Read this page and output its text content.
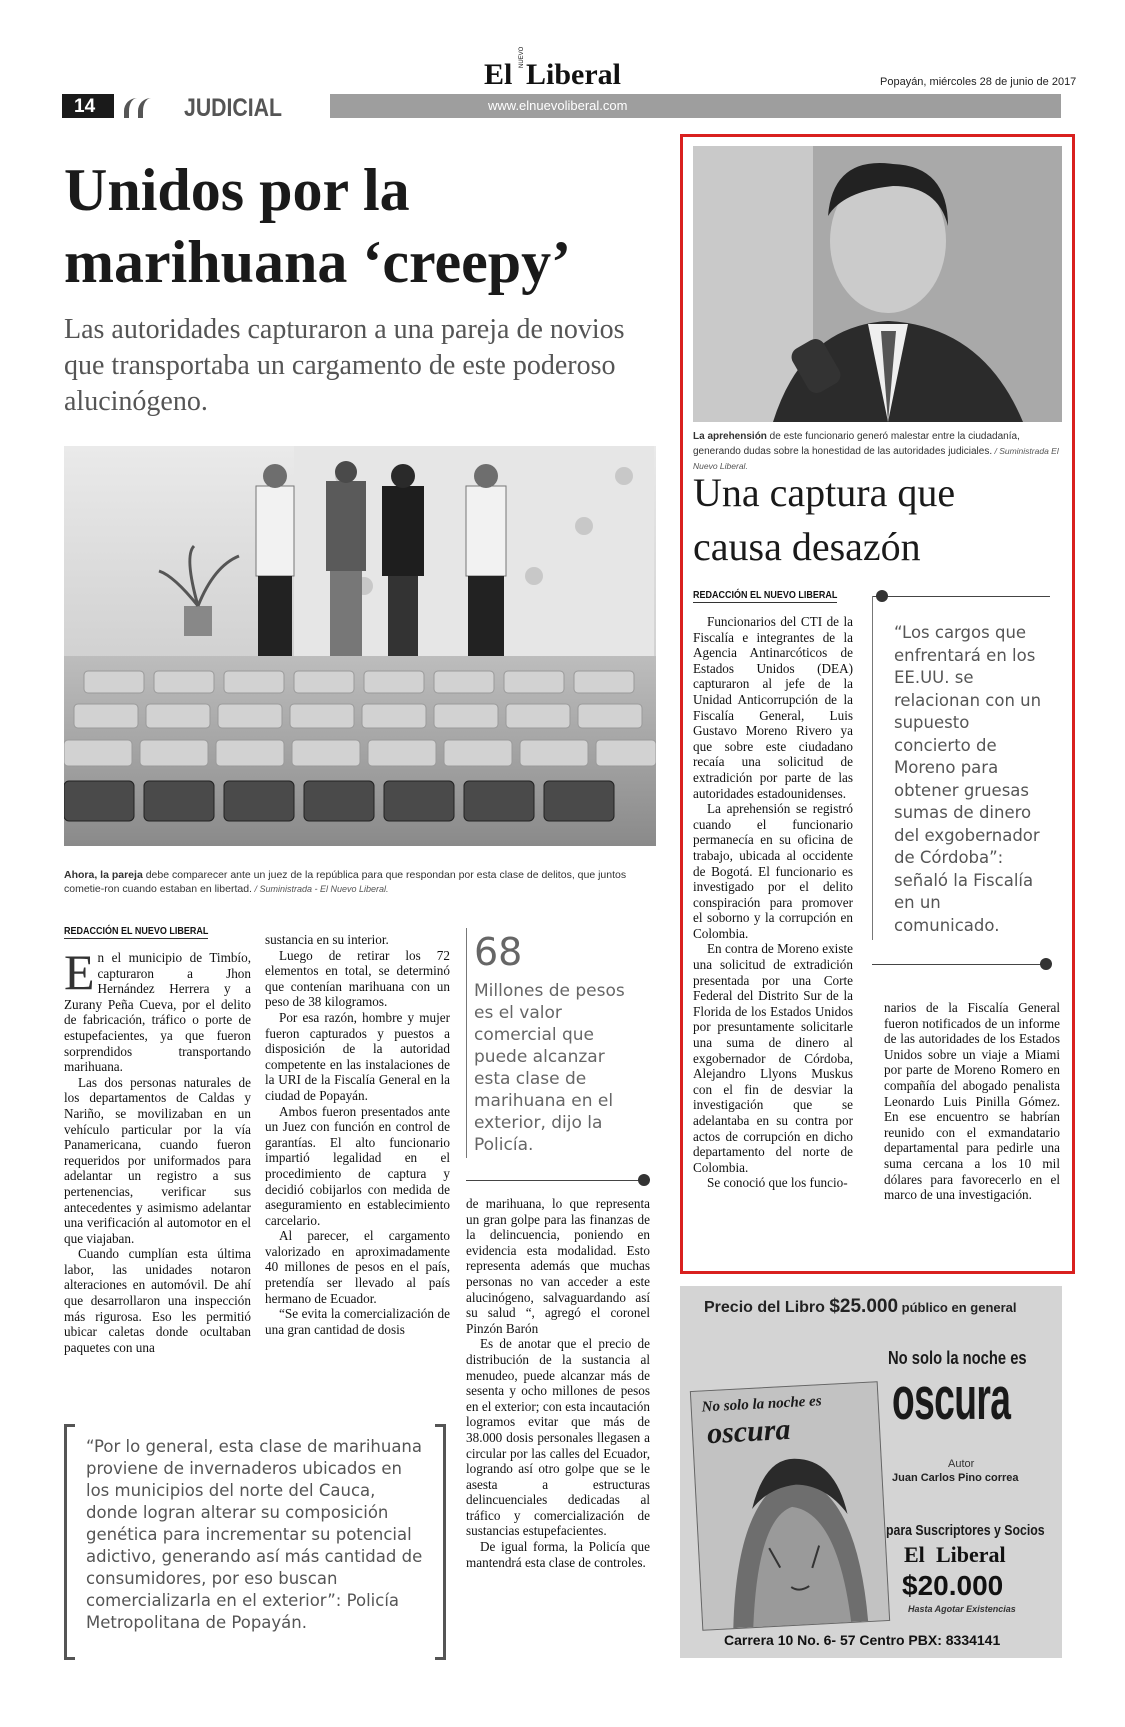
El
NUEVO
Liberal	Popayán, miércoles 28 de junio de 2017
14	JUDICIAL	www.elnuevoliberal.com
Unidos por la
marihuana ‘creepy’
Las autoridades capturaron a una pareja de novios que transportaba un cargamento de este poderoso alucinógeno.
Ahora, la pareja debe comparecer ante un juez de la república para que respondan por esta clase de delitos, que juntos cometie-ron cuando estaban en libertad. / Suministrada - El Nuevo Liberal.
REDACCIÓN EL NUEVO LIBERAL
E n el municipio de Timbío, capturaron a Jhon Hernández Herrera y a Zurany Peña Cueva, por el delito de fabricación, tráfico o porte de estupefacientes, ya que fueron sorprendidos transportando marihuana.

Las dos personas naturales de los departamentos de Caldas y Nariño, se movilizaban en un vehículo particular por la vía Panamericana, cuando fueron requeridos por uniformados para adelantar un registro a sus pertenencias, verificar sus antecedentes y asimismo adelantar una verificación al automotor en el que viajaban.

Cuando cumplían esta última labor, las unidades notaron alteraciones en automóvil. De ahí que desarrollaron una inspección más rigurosa. Eso les permitió ubicar caletas donde ocultaban paquetes con una

sustancia en su interior.

Luego de retirar los 72 elementos en total, se determinó que contenían marihuana con un peso de 38 kilogramos.

Por esa razón, hombre y mujer fueron capturados y puestos a disposición de la autoridad competente en las instalaciones de la URI de la Fiscalía General en la ciudad de Popayán.

Ambos fueron presentados ante un Juez con función en control de garantías. El alto funcionario impartió legalidad en el procedimiento de captura y decidió cobijarlos con medida de aseguramiento en establecimiento carcelario.

Al parecer, el cargamento valorizado en aproximadamente 40 millones de pesos en el país, pretendía ser llevado al país hermano de Ecuador.

“Se evita la comercialización de una gran cantidad de dosis

68
Millones de pesos es el valor comercial que puede alcanzar esta clase de marihuana en el exterior, dijo la Policía.

de marihuana, lo que representa un gran golpe para las finanzas de la delincuencia, poniendo en evidencia esta modalidad. Esto representa además que muchas personas no van acceder a este alucinógeno, salvaguardando así su salud “, agregó el coronel Pinzón Barón

Es de anotar que el precio de distribución de la sustancia al menudeo, puede alcanzar más de sesenta y ocho millones de pesos en el exterior; con esta incautación logramos evitar que más de 38.000 dosis personales llegasen a circular por las calles del Ecuador, logrando así otro golpe que se le asesta a estructuras delincuenciales dedicadas al tráfico y comercialización de sustancias estupefacientes.

De igual forma, la Policía que mantendrá esta clase de controles.

“Por lo general, esta clase de marihuana proviene de invernaderos ubicados en los municipios del norte del Cauca, donde logran alterar su composición genética para incrementar su potencial adictivo, generando así más cantidad de consumidores, por eso buscan comercializarla en el exterior”: Policía Metropolitana de Popayán.
La aprehensión de este funcionario generó malestar entre la ciudadanía, generando dudas sobre la honestidad de las autoridades judiciales. / Suministrada El Nuevo Liberal.
Una captura que
causa desazón
REDACCIÓN EL NUEVO LIBERAL

Funcionarios del CTI de la Fiscalía e integrantes de la Agencia Antinarcóticos de Estados Unidos (DEA) capturaron al jefe de la Unidad Anticorrupción de la Fiscalía General, Luis Gustavo Moreno Rivero ya que sobre este ciudadano recaía una solicitud de extradición por parte de las autoridades estadounidenses.

La aprehensión se registró cuando el funcionario permanecía en su oficina de trabajo, ubicada al occidente de Bogotá. El funcionario es investigado por el delito conspiración para promover el soborno y la corrupción en Colombia.

En contra de Moreno existe una solicitud de extradición presentada por una Corte Federal del Distrito Sur de la Florida de los Estados Unidos por presuntamente solicitarle una suma de dinero al exgobernador de Córdoba, Alejandro Llyons Muskus con el fin de desviar la investigación que se adelantaba en su contra por actos de corrupción en dicho departamento del norte de Colombia.

Se conoció que los funcio-

“Los cargos que enfrentará en los EE.UU. se relacionan con un supuesto concierto de Moreno para obtener gruesas sumas de dinero del exgobernador de Córdoba”: señaló la Fiscalía en un comunicado.

narios de la Fiscalía General fueron notificados de un informe de las autoridades de los Estados Unidos sobre un viaje a Miami por parte de Moreno Romero en compañía del abogado penalista Leonardo Luis Pinilla Gómez. En ese encuentro se habrían reunido con el exmandatario departamental para pedirle una suma cercana a los 10 mil dólares para favorecerlo en el marco de una investigación.

Precio del Libro $25.000 público en general
No solo la noche es
oscura
No solo la noche es
oscura
Autor
Juan Carlos Pino correa
para Suscriptores y Socios
El Liberal
$20.000
Hasta Agotar Existencias
Carrera 10 No. 6- 57 Centro PBX: 8334141
